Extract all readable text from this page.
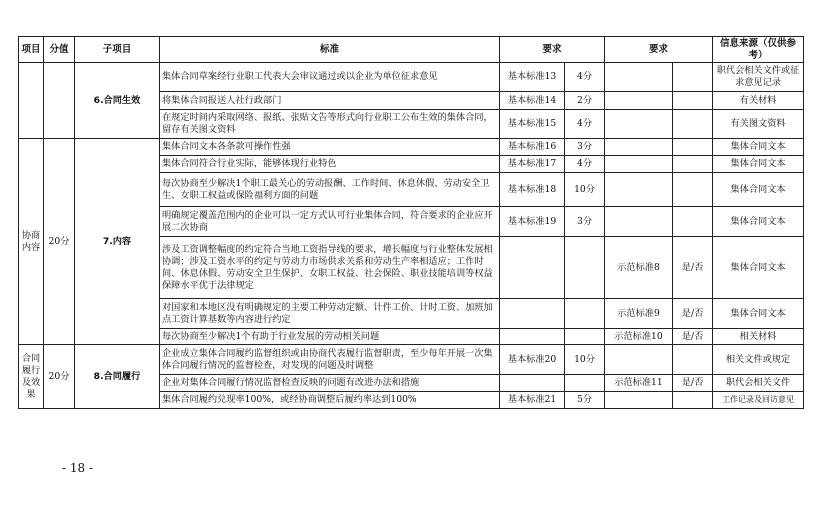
项目	分值	子项目	标准	要求		要求		信息来源（仅供参考）
		6.合同生效	集体合同草案经行业职工代表大会审议通过或以企业为单位征求意见	基本标准13	4分			职代会相关文件或征求意见记录
			将集体合同报送人社行政部门	基本标准14	2分			有关材料
			在规定时间内采取网络、报纸、张贴文告等形式向行业职工公布生效的集体合同，留存有关图文资料	基本标准15	4分			有关图文资料
协商内容	20分	7.内容	集体合同文本各条款可操作性强	基本标准16	3分			集体合同文本
			集体合同符合行业实际，能够体现行业特色	基本标准17	4分			集体合同文本
			每次协商至少解决1个职工最关心的劳动报酬、工作时间、休息休假、劳动安全卫生、女职工权益或保险福利方面的问题	基本标准18	10分			集体合同文本
			明确规定覆盖范围内的企业可以一定方式认可行业集体合同，符合要求的企业应开展二次协商	基本标准19	3分			集体合同文本
			涉及工资调整幅度的约定符合当地工资指导线的要求，增长幅度与行业整体发展相协调；涉及工资水平的约定与劳动力市场供求关系和劳动生产率相适应；工作时间、休息休假、劳动安全卫生保护、女职工权益、社会保险、职业技能培训等权益保障水平优于法律规定			示范标准8	是/否	集体合同文本
			对国家和本地区没有明确规定的主要工种劳动定额、计件工价、计时工资、加班加点工资计算基数等内容进行约定			示范标准9	是/否	集体合同文本
			每次协商至少解决1个有助于行业发展的劳动相关问题			示范标准10	是/否	相关材料
合同履行及效果	20分	8.合同履行	企业成立集体合同履约监督组织或由协商代表履行监督职责，至少每年开展一次集体合同履行情况的监督检查，对发现的问题及时调整	基本标准20	10分			相关文件或规定
			企业对集体合同履行情况监督检查反映的问题有改进办法和措施			示范标准11	是/否	职代会相关文件
			集体合同履约兑现率100%，或经协商调整后履约率达到100%	基本标准21	5分			工作记录及回访意见
- 18 -
